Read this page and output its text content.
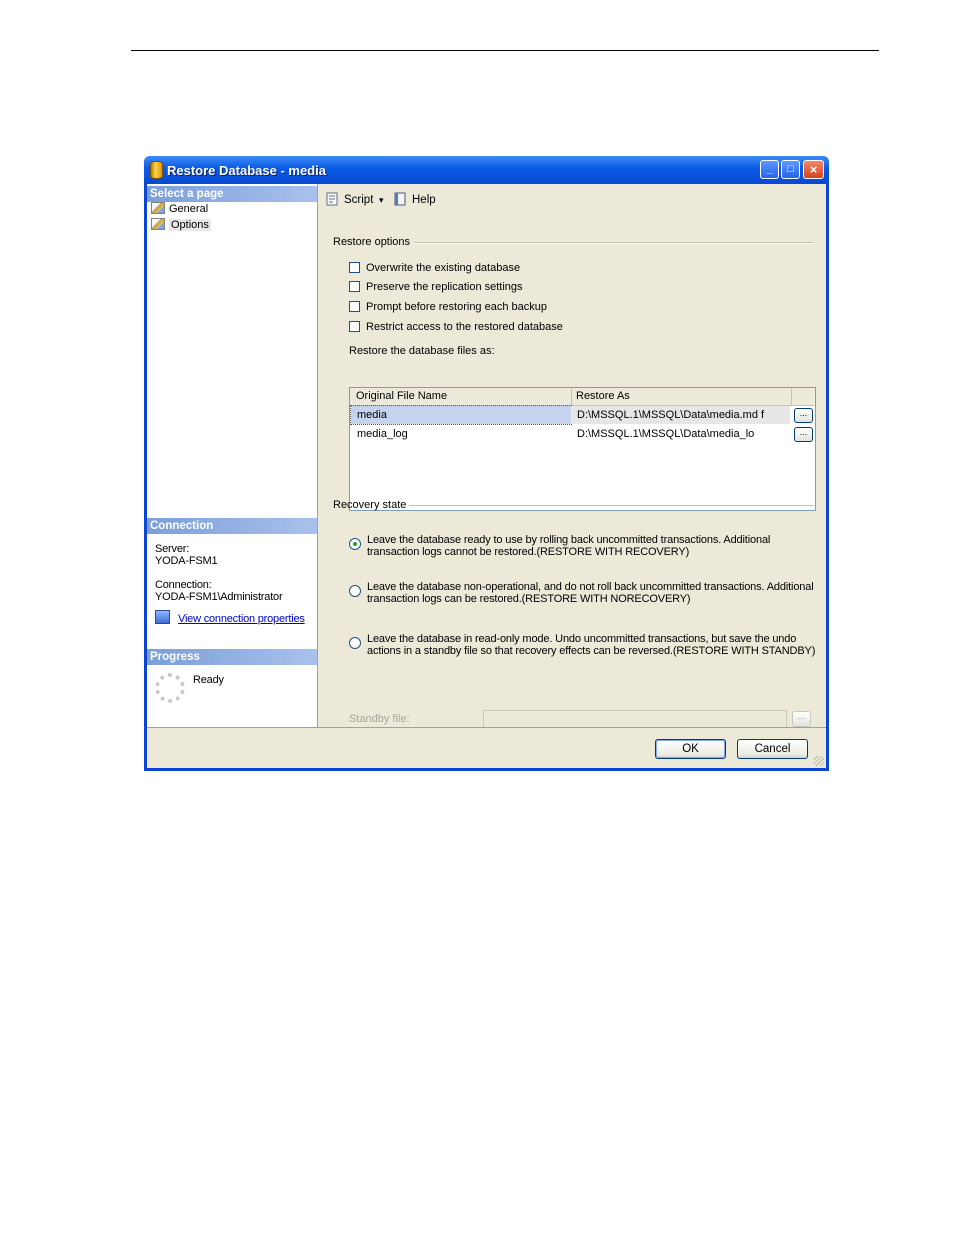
Restore Database - media	_	□	×
Select a page
General
Options
Connection
Server:
YODA-FSM1
Connection:
YODA-FSM1\Administrator
View connection properties
Progress
Ready
Script ▾	Help
Restore options
Overwrite the existing database
Preserve the replication settings
Prompt before restoring each backup
Restrict access to the restored database
Restore the database files as:
Original File Name	Restore As
media	D:\MSSQL.1\MSSQL\Data\media.md f	...
media_log	D:\MSSQL.1\MSSQL\Data\media_lo	...
Recovery state
Leave the database ready to use by rolling back uncommitted transactions. Additional
transaction logs cannot be restored.(RESTORE WITH RECOVERY)
Leave the database non-operational, and do not roll back uncommitted transactions. Additional
transaction logs can be restored.(RESTORE WITH NORECOVERY)
Leave the database in read-only mode. Undo uncommitted transactions, but save the undo
actions in a standby file so that recovery effects can be reversed.(RESTORE WITH STANDBY)
Standby file:	...
OK	Cancel
